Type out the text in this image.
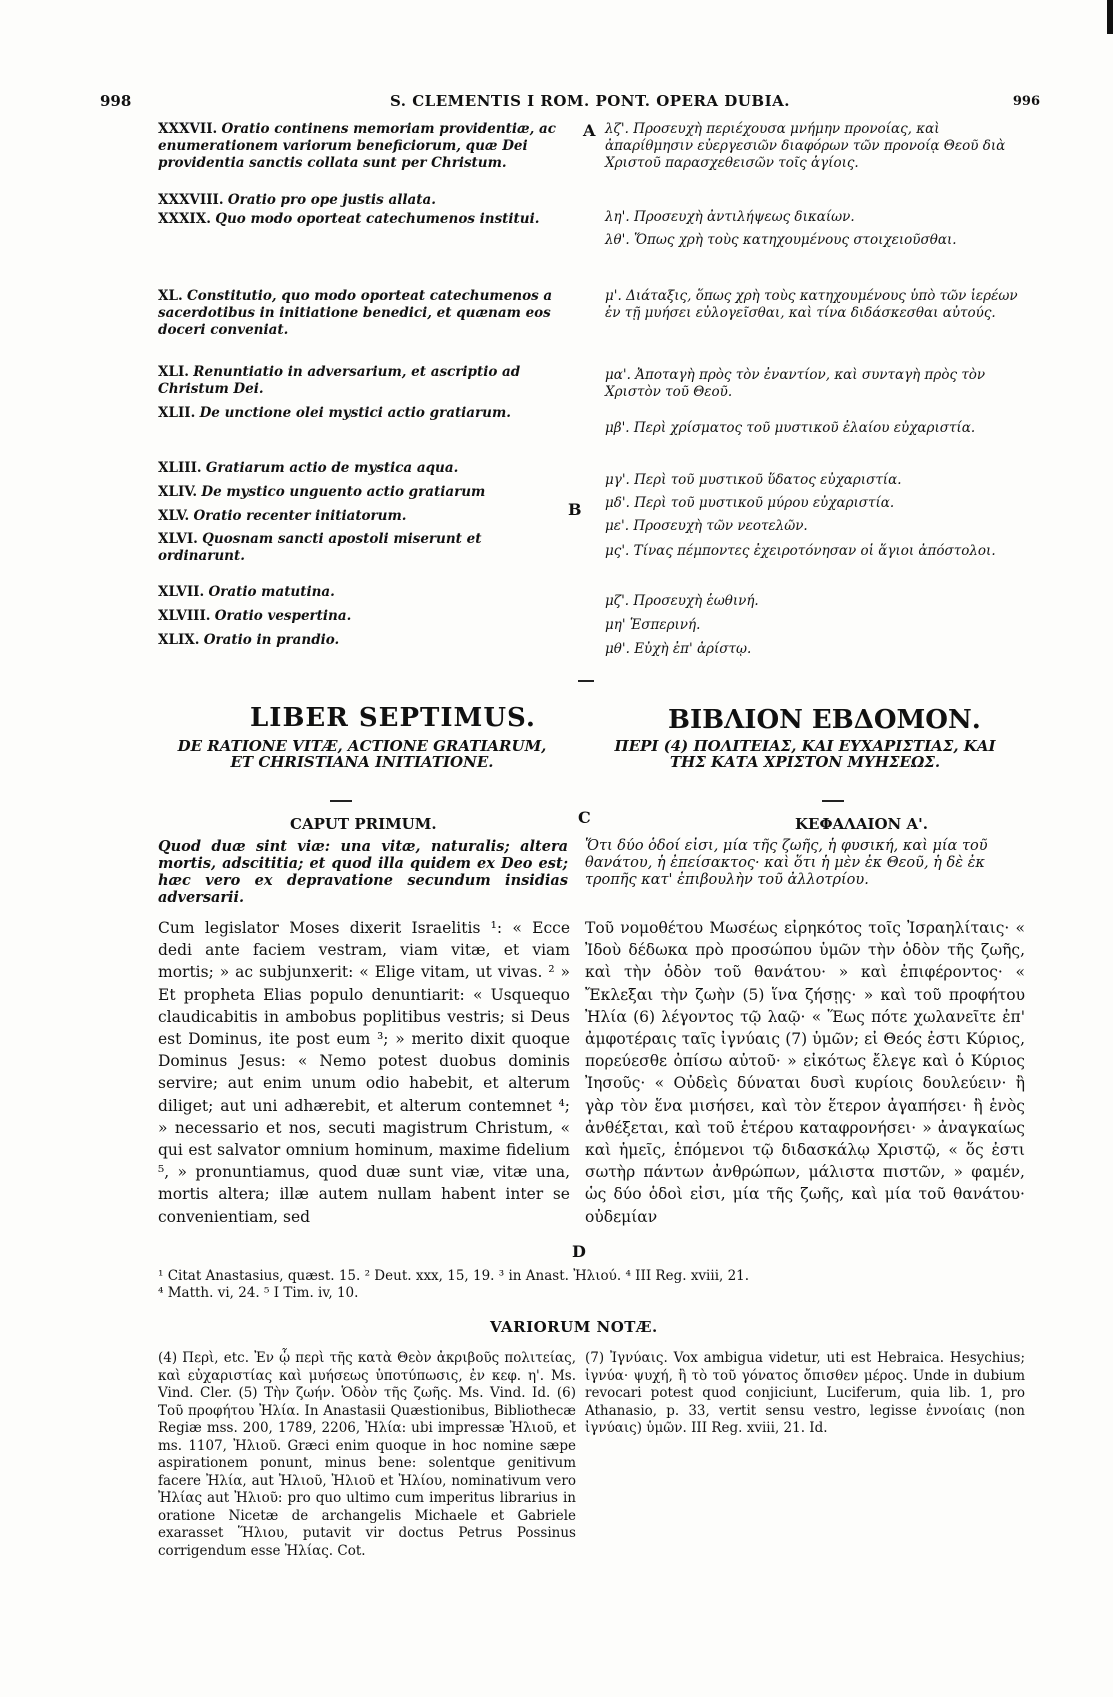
998	S. CLEMENTIS I ROM. PONT. OPERA DUBIA.	996
XXXVII. Oratio continens memoriam providentiæ, ac enumerationem variorum beneficiorum, quæ Dei providentia sanctis collata sunt per Christum.
XXXVIII. Oratio pro ope justis allata.
XXXIX. Quo modo oporteat catechumenos institui.
XL. Constitutio, quo modo oporteat catechumenos a sacerdotibus in initiatione benedici, et quænam eos doceri conveniat.
XLI. Renuntiatio in adversarium, et ascriptio ad Christum Dei.
XLII. De unctione olei mystici actio gratiarum.
XLIII. Gratiarum actio de mystica aqua.
XLIV. De mystico unguento actio gratiarum
XLV. Oratio recenter initiatorum.
XLVI. Quosnam sancti apostoli miserunt et ordinarunt.
XLVII. Oratio matutina.
XLVIII. Oratio vespertina.
XLIX. Oratio in prandio.
λζ'. Προσευχὴ περιέχουσα μνήμην προνοίας, καὶ ἀπαρίθμησιν εὐεργεσιῶν διαφόρων τῶν προνοίᾳ Θεοῦ διὰ Χριστοῦ παρασχεθεισῶν τοῖς ἁγίοις.
λη'. Προσευχὴ ἀντιλήψεως δικαίων.
λθ'. Ὅπως χρὴ τοὺς κατηχουμένους στοιχειοῦσθαι.
μ'. Διάταξις, ὅπως χρὴ τοὺς κατηχουμένους ὑπὸ τῶν ἱερέων ἐν τῇ μυήσει εὐλογεῖσθαι, καὶ τίνα διδάσκεσθαι αὐτούς.
μα'. Ἀποταγὴ πρὸς τὸν ἐναντίον, καὶ συνταγὴ πρὸς τὸν Χριστὸν τοῦ Θεοῦ.
μβ'. Περὶ χρίσματος τοῦ μυστικοῦ ἐλαίου εὐχαριστία.
μγ'. Περὶ τοῦ μυστικοῦ ὕδατος εὐχαριστία.
μδ'. Περὶ τοῦ μυστικοῦ μύρου εὐχαριστία.
με'. Προσευχὴ τῶν νεοτελῶν.
μς'. Τίνας πέμποντες ἐχειροτόνησαν οἱ ἅγιοι ἀπόστολοι.
μζ'. Προσευχὴ ἑωθινή.
μη' Ἑσπερινή.
μθ'. Εὐχὴ ἐπ' ἀρίστῳ.
A
B
C
D
LIBER SEPTIMUS.	ΒΙΒΛΙΟΝ ΕΒΔΟΜΟΝ.
DE RATIONE VITÆ, ACTIONE GRATIARUM,
ET CHRISTIANA INITIATIONE.
ΠΕΡΙ (4) ΠΟΛΙΤΕΙΑΣ, ΚΑΙ ΕΥΧΑΡΙΣΤΙΑΣ, ΚΑΙ
ΤΗΣ ΚΑΤΑ ΧΡΙΣΤΟΝ ΜΥΗΣΕΩΣ.
CAPUT PRIMUM.	ΚΕΦΑΛΑΙΟΝ Α'.

Quod duæ sint viæ: una vitæ, naturalis; altera mortis, adscititia; et quod illa quidem ex Deo est; hæc vero ex depravatione secundum insidias adversarii.

Ὅτι δύο ὁδοί εἰσι, μία τῆς ζωῆς, ἡ φυσική, καὶ μία τοῦ θανάτου, ἡ ἐπείσακτος· καὶ ὅτι ἡ μὲν ἐκ Θεοῦ, ἡ δὲ ἐκ τροπῆς κατ' ἐπιβουλὴν τοῦ ἀλλοτρίου.

Cum legislator Moses dixerit Israelitis ¹: « Ecce dedi ante faciem vestram, viam vitæ, et viam mortis; » ac subjunxerit: « Elige vitam, ut vivas. ² » Et propheta Elias populo denuntiarit: « Usquequo claudicabitis in ambobus poplitibus vestris; si Deus est Dominus, ite post eum ³; » merito dixit quoque Dominus Jesus: « Nemo potest duobus dominis servire; aut enim unum odio habebit, et alterum diliget; aut uni adhærebit, et alterum contemnet ⁴; » necessario et nos, secuti magistrum Christum, « qui est salvator omnium hominum, maxime fidelium ⁵, » pronuntiamus, quod duæ sunt viæ, vitæ una, mortis altera; illæ autem nullam habent inter se convenientiam, sed

Τοῦ νομοθέτου Μωσέως εἰρηκότος τοῖς Ἰσραηλίταις· « Ἰδοὺ δέδωκα πρὸ προσώπου ὑμῶν τὴν ὁδὸν τῆς ζωῆς, καὶ τὴν ὁδὸν τοῦ θανάτου· » καὶ ἐπιφέροντος· « Ἔκλεξαι τὴν ζωὴν (5) ἵνα ζήσῃς· » καὶ τοῦ προφήτου Ἠλία (6) λέγοντος τῷ λαῷ· « Ἕως πότε χωλανεῖτε ἐπ' ἀμφοτέραις ταῖς ἰγνύαις (7) ὑμῶν; εἰ Θεός ἐστι Κύριος, πορεύεσθε ὀπίσω αὐτοῦ· » εἰκότως ἔλεγε καὶ ὁ Κύριος Ἰησοῦς· « Οὐδεὶς δύναται δυσὶ κυρίοις δουλεύειν· ἢ γὰρ τὸν ἕνα μισήσει, καὶ τὸν ἕτερον ἀγαπήσει· ἢ ἑνὸς ἀνθέξεται, καὶ τοῦ ἑτέρου καταφρονήσει· » ἀναγκαίως καὶ ἡμεῖς, ἑπόμενοι τῷ διδασκάλῳ Χριστῷ, « ὅς ἐστι σωτὴρ πάντων ἀνθρώπων, μάλιστα πιστῶν, » φαμέν, ὡς δύο ὁδοὶ εἰσι, μία τῆς ζωῆς, καὶ μία τοῦ θανάτου· οὐδεμίαν

¹ Citat Anastasius, quæst. 15. ² Deut. xxx, 15, 19. ³ in Anast. Ἠλιού. ⁴ III Reg. xviii, 21.
⁴ Matth. vi, 24. ⁵ I Tim. iv, 10.
VARIORUM NOTÆ.

(4) Περὶ, etc. Ἐν ᾧ περὶ τῆς κατὰ Θεὸν ἀκριβοῦς πολιτείας, καὶ εὐχαριστίας καὶ μυήσεως ὑποτύπωσις, ἐν κεφ. η'. Ms. Vind. Cler. (5) Τὴν ζωήν. Ὁδὸν τῆς ζωῆς. Ms. Vind. Id. (6) Τοῦ προφήτου Ἠλία. In Anastasii Quæstionibus, Bibliothecæ Regiæ mss. 200, 1789, 2206, Ἠλία: ubi impressæ Ἠλιοῦ, et ms. 1107, Ἠλιοῦ. Græci enim quoque in hoc nomine sæpe aspirationem ponunt, minus bene: solentque genitivum facere Ἠλία, aut Ἠλιοῦ, Ἠλιοῦ et Ἠλίου, nominativum vero Ἠλίας aut Ἠλιοῦ: pro quo ultimo cum imperitus librarius in oratione Nicetæ de archangelis Michaele et Gabriele exarasset Ἥλιου, putavit vir doctus Petrus Possinus corrigendum esse Ἠλίας. Cot.

(7) Ἰγνύαις. Vox ambigua videtur, uti est Hebraica. Hesychius; ἰγνύα· ψυχή, ἢ τὸ τοῦ γόνατος ὄπισθεν μέρος. Unde in dubium revocari potest quod conjiciunt, Luciferum, quia lib. 1, pro Athanasio, p. 33, vertit sensu vestro, legisse ἐννοίαις (non ἰγνύαις) ὑμῶν. III Reg. xviii, 21. Id.
